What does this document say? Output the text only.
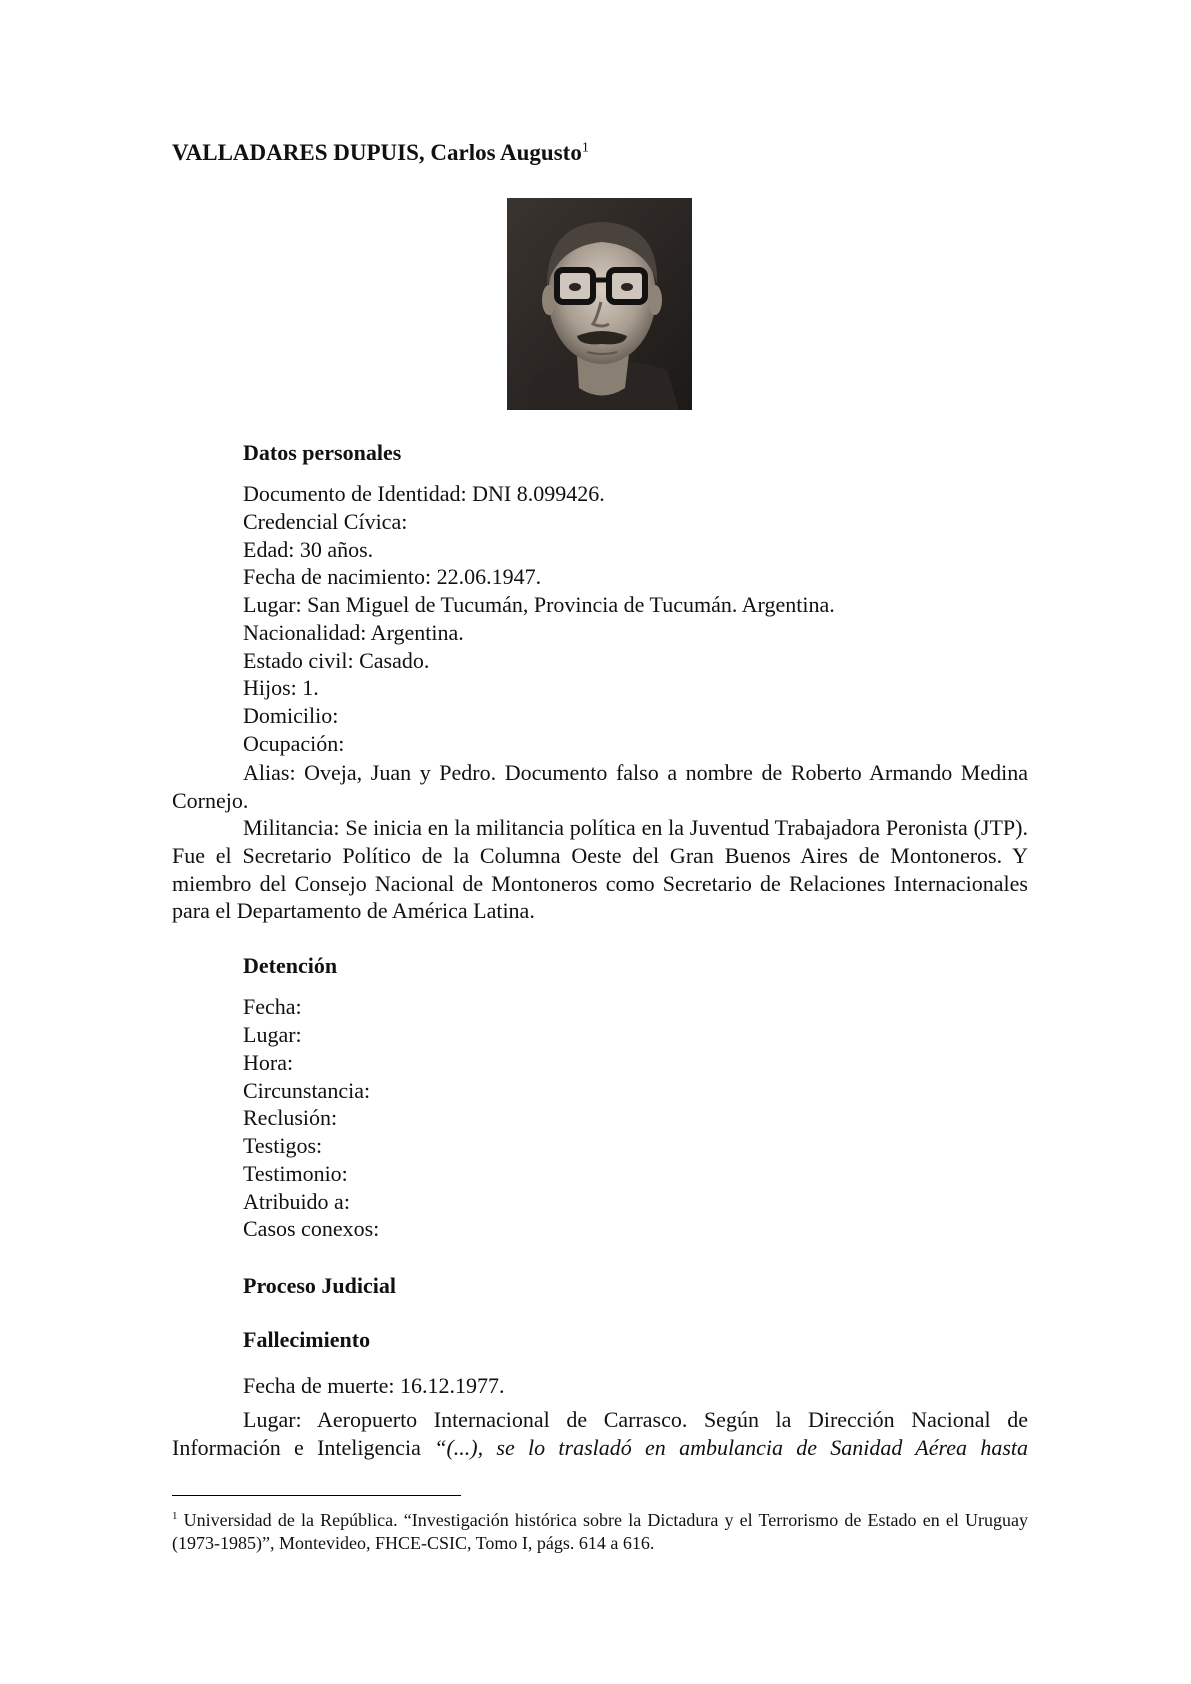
VALLADARES DUPUIS, Carlos Augusto$^1$
Datos personales
Documento de Identidad: DNI 8.099426.
Credencial Cívica:
Edad: 30 años.
Fecha de nacimiento: 22.06.1947.
Lugar: San Miguel de Tucumán, Provincia de Tucumán. Argentina.
Nacionalidad: Argentina.
Estado civil: Casado.
Hijos: 1.
Domicilio:
Ocupación:
Alias: Oveja, Juan y Pedro. Documento falso a nombre de Roberto Armando Medina Cornejo.
Militancia: Se inicia en la militancia política en la Juventud Trabajadora Peronista (JTP). Fue el Secretario Político de la Columna Oeste del Gran Buenos Aires de Montoneros. Y miembro del Consejo Nacional de Montoneros como Secretario de Relaciones Internacionales para el Departamento de América Latina.
Detención
Fecha:
Lugar:
Hora:
Circunstancia:
Reclusión:
Testigos:
Testimonio:
Atribuido a:
Casos conexos:
Proceso Judicial
Fallecimiento
Fecha de muerte: 16.12.1977.
Lugar: Aeropuerto Internacional de Carrasco. Según la Dirección Nacional de Información e Inteligencia “(...), se lo trasladó en ambulancia de Sanidad Aérea hasta
$^1$ Universidad de la República. “Investigación histórica sobre la Dictadura y el Terrorismo de Estado en el Uruguay (1973-1985)”, Montevideo, FHCE-CSIC, Tomo I, págs. 614 a 616.
